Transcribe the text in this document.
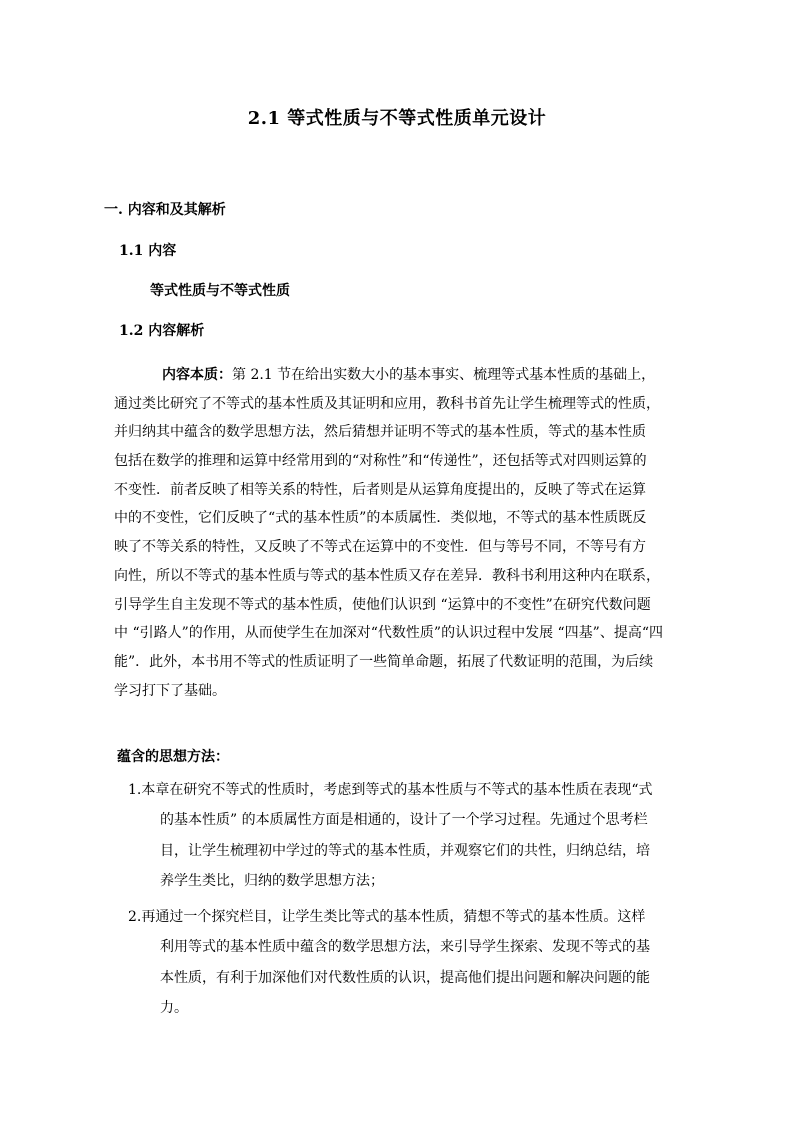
2.1 等式性质与不等式性质单元设计
一. 内容和及其解析
1.1 内容
等式性质与不等式性质
1.2 内容解析
内容本质：第 2.1 节在给出实数大小的基本事实、梳理等式基本性质的基础上，
通过类比研究了不等式的基本性质及其证明和应用，教科书首先让学生梳理等式的性质，
并归纳其中蕴含的数学思想方法，然后猜想并证明不等式的基本性质，等式的基本性质
包括在数学的推理和运算中经常用到的“对称性”和“传递性”，还包括等式对四则运算的
不变性．前者反映了相等关系的特性，后者则是从运算角度提出的，反映了等式在运算
中的不变性，它们反映了“式的基本性质”的本质属性．类似地，不等式的基本性质既反
映了不等关系的特性，又反映了不等式在运算中的不变性．但与等号不同，不等号有方
向性，所以不等式的基本性质与等式的基本性质又存在差异．教科书利用这种内在联系，
引导学生自主发现不等式的基本性质，使他们认识到 “运算中的不变性”在研究代数问题
中 “引路人”的作用，从而使学生在加深对“代数性质”的认识过程中发展 “四基”、提高“四
能”．此外，本书用不等式的性质证明了一些简单命题，拓展了代数证明的范围，为后续
学习打下了基础。
蕴含的思想方法：
1.本章在研究不等式的性质时，考虑到等式的基本性质与不等式的基本性质在表现“式
的基本性质” 的本质属性方面是相通的，设计了一个学习过程。先通过个思考栏
目，让学生梳理初中学过的等式的基本性质，并观察它们的共性，归纳总结，培
养学生类比，归纳的数学思想方法；
2.再通过一个探究栏目，让学生类比等式的基本性质，猜想不等式的基本性质。这样
利用等式的基本性质中蕴含的数学思想方法，来引导学生探索、发现不等式的基
本性质，有利于加深他们对代数性质的认识，提高他们提出问题和解决问题的能
力。
